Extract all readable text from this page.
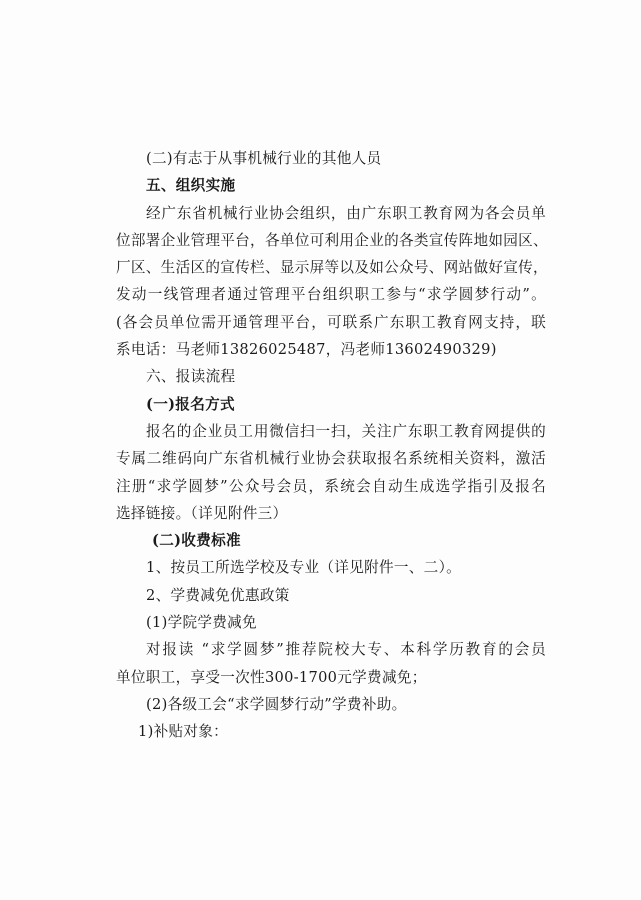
(二)有志于从事机械行业的其他人员
五、组织实施
经广东省机械行业协会组织，由广东职工教育网为各会员单
位部署企业管理平台，各单位可利用企业的各类宣传阵地如园区、
厂区、生活区的宣传栏、显示屏等以及如公众号、网站做好宣传，
发动一线管理者通过管理平台组织职工参与“求学圆梦行动”。
(各会员单位需开通管理平台，可联系广东职工教育网支持，联
系电话：马老师13826025487，冯老师13602490329)
六、报读流程
(一)报名方式
报名的企业员工用微信扫一扫，关注广东职工教育网提供的
专属二维码向广东省机械行业协会获取报名系统相关资料，激活
注册“求学圆梦”公众号会员，系统会自动生成选学指引及报名
选择链接。（详见附件三）
(二)收费标准
1、按员工所选学校及专业（详见附件一、二）。
2、学费减免优惠政策
(1)学院学费减免
对报读 “求学圆梦”推荐院校大专、本科学历教育的会员
单位职工，享受一次性300-1700元学费减免；
(2)各级工会“求学圆梦行动”学费补助。
1)补贴对象：
